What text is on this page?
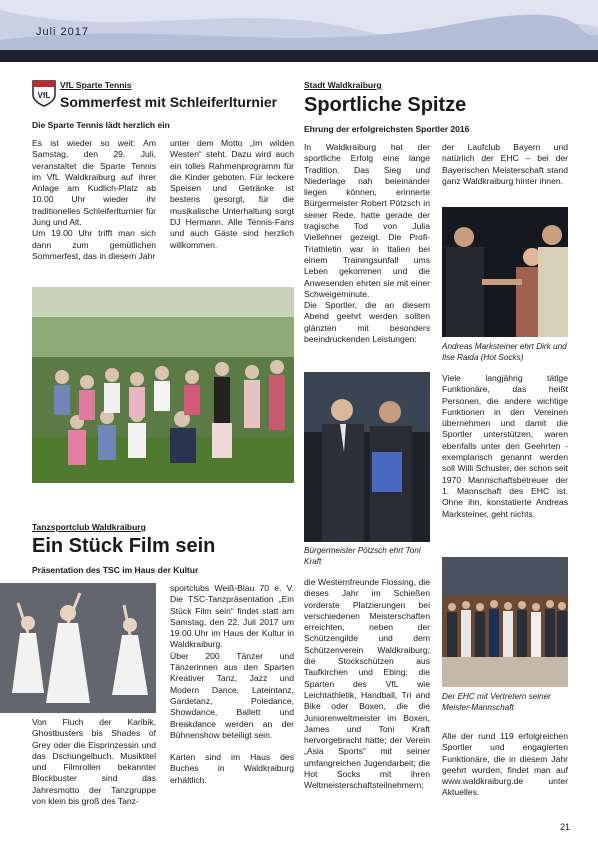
Juli 2017
VfL
VfL Sparte Tennis
Sommerfest mit Schleiferlturnier
Die Sparte Tennis lädt herzlich ein

Es ist wieder so weit: Am Samstag, den 29. Juli, veranstaltet die Sparte Tennis im VfL Waldkraiburg auf ihrer Anlage am Kudlich-Platz ab 10.00 Uhr wieder ihr traditionelles Schleiferlturnier für Jung und Alt.

Um 19.00 Uhr trifft man sich dann zum gemütlichen Sommerfest, das in diesem Jahr

unter dem Motto „Im wilden Westen“ steht. Dazu wird auch ein tolles Rahmenprogramm für die Kinder geboten. Für leckere Speisen und Getränke ist bestens gesorgt, für die musikalische Unterhaltung sorgt DJ Hermann. Alle Tennis-Fans und auch Gäste sind herzlich willkommen.

Stadt Waldkraiburg
Sportliche Spitze
Ehrung der erfolgreichsten Sportler 2016

In Waldkraiburg hat der sportliche Erfolg eine lange Tradition. Das Sieg und Niederlage nah beieinander liegen können, erinnerte Bürgermeister Robert Pötzsch in seiner Rede, hatte gerade der tragische Tod von Julia Viellehner gezeigt. Die Profi-Triathletin war in Italien bei einem Trainingsunfall ums Leben gekommen und die Anwesenden ehrten sie mit einer Schweigeminute.

Die Sportler, die an diesem Abend geehrt werden sollten glänzten mit besonders beeindruckenden Leistungen:

Bürgermeister Pötzsch ehrt Toni Kraft

die Westernfreunde Flossing, die dieses Jahr im Schießen vorderste Platzierungen bei verschiedenen Meisterschaften erreichten, neben der Schützengilde und dem Schützenverein Waldkraiburg; die Stockschützen aus Taufkirchen und Ebing; die Sparten des VfL wie Leichtathletik, Handball, Tri and Bike oder Boxen, die die Juniorenweltmeister im Boxen, James und Toni Kraft hervorgebracht hatte; der Verein „Asia Sports“ mit seiner umfangreichen Jugendarbeit; die Hot Socks mit ihren Weltmeisterschaftsteilnehmern;

der Laufclub Bayern und natürlich der EHC – bei der Bayerischen Meisterschaft stand ganz Waldkraiburg hinter ihnen.

Andreas Marksteiner ehrt Dirk und Ilse Raida (Hot Socks)

Viele langjährig tätige Funktionäre, das heißt Personen, die andere wichtige Funktionen in den Vereinen übernehmen und damit die Sportler unterstützen, waren ebenfalls unter den Geehrten - exemplarisch genannt werden soll Willi Schuster, der schon seit 1970 Mannschaftsbetreuer der 1. Mannschaft des EHC ist. Ohne ihn, konstatierte Andreas Marksteiner, geht nichts.

Der EHC mit Vertretern seiner Meister-Mannschaft

Alle der rund 119 erfolgreichen Sportler und engagierten Funktionäre, die in diesem Jahr geehrt wurden, findet man auf www.waldkraiburg.de unter Aktuelles.

Tanzsportclub Waldkraiburg
Ein Stück Film sein
Präsentation des TSC im Haus der Kultur

Von Fluch der Karibik, Ghostbusters bis Shades of Grey oder die Eisprinzessin und das Dschungelbuch. Musiktitel und Filmrollen bekannter Blockbuster sind das Jahresmotto der Tanzgruppe von klein bis groß des Tanz-

sportclubs Weiß-Blau 70 e. V. Die TSC-Tanzpräsentation „Ein Stück Film sein“ findet statt am Samstag, den 22. Juli 2017 um 19.00 Uhr im Haus der Kultur in Waldkraiburg.

Über 200 Tänzer und Tänzerinnen aus den Sparten Kreativer Tanz, Jazz und Modern Dance, Lateintanz, Gardetanz, Poledance, Showdance, Ballett und Breakdance werden an der Bühnenshow beteiligt sein.

Karten sind im Haus des Buches in Waldkraiburg erhältlich.

21
